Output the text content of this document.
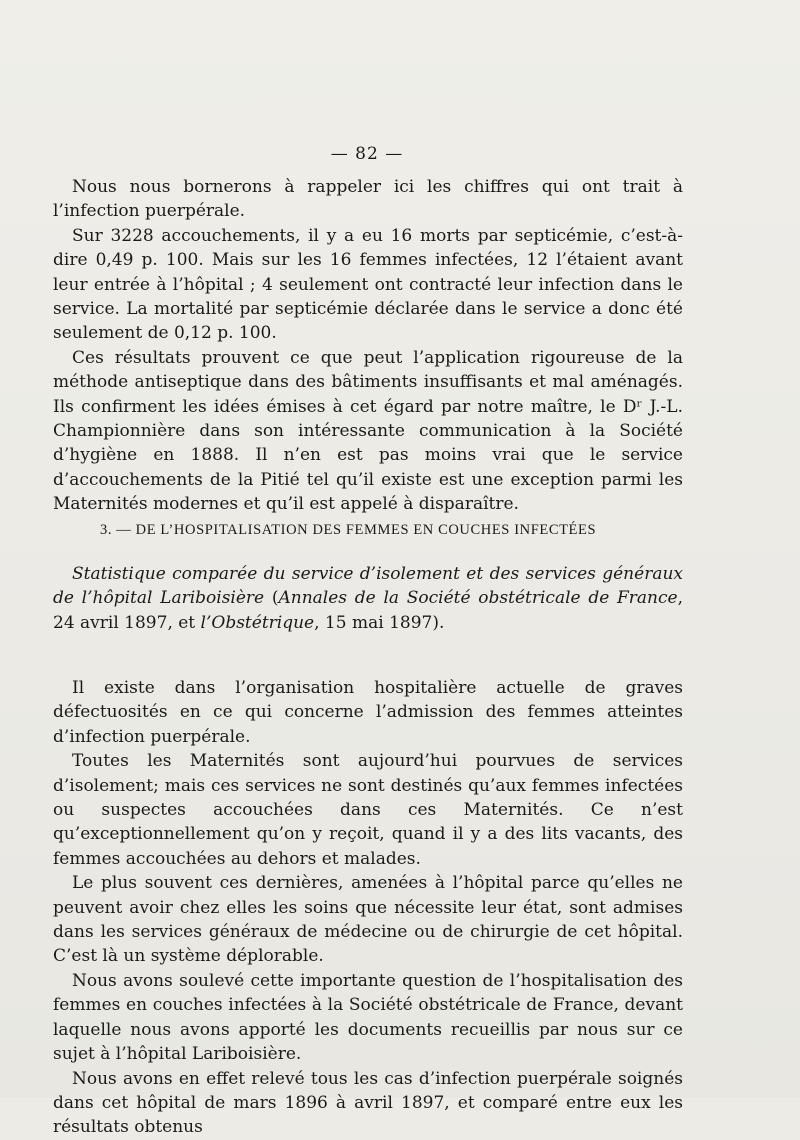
— 82 —

Nous nous bornerons à rappeler ici les chiffres qui ont trait à l’infection puerpérale.

Sur 3228 accouchements, il y a eu 16 morts par septicémie, c’est-à-dire 0,49 p. 100. Mais sur les 16 femmes infectées, 12 l’étaient avant leur entrée à l’hôpital ; 4 seulement ont contracté leur infection dans le service. La mortalité par septicémie déclarée dans le service a donc été seulement de 0,12 p. 100.

Ces résultats prouvent ce que peut l’application rigoureuse de la méthode antiseptique dans des bâtiments insuffisants et mal aménagés. Ils confirment les idées émises à cet égard par notre maître, le Dʳ J.-L. Championnière dans son intéressante communication à la Société d’hygiène en 1888. Il n’en est pas moins vrai que le service d’accouchements de la Pitié tel qu’il existe est une exception parmi les Maternités modernes et qu’il est appelé à disparaître.

3. — DE L’HOSPITALISATION DES FEMMES EN COUCHES INFECTÉES

Statistique comparée du service d’isolement et des services généraux de l’hôpital Lariboisière (Annales de la Société obstétricale de France, 24 avril 1897, et l’Obstétrique, 15 mai 1897).

Il existe dans l’organisation hospitalière actuelle de graves défectuosités en ce qui concerne l’admission des femmes atteintes d’infection puerpérale.

Toutes les Maternités sont aujourd’hui pourvues de services d’isolement; mais ces services ne sont destinés qu’aux femmes infectées ou suspectes accouchées dans ces Maternités. Ce n’est qu’exceptionnellement qu’on y reçoit, quand il y a des lits vacants, des femmes accouchées au dehors et malades.

Le plus souvent ces dernières, amenées à l’hôpital parce qu’elles ne peuvent avoir chez elles les soins que nécessite leur état, sont admises dans les services généraux de médecine ou de chirurgie de cet hôpital. C’est là un système déplorable.

Nous avons soulevé cette importante question de l’hospitalisation des femmes en couches infectées à la Société obstétricale de France, devant laquelle nous avons apporté les documents recueillis par nous sur ce sujet à l’hôpital Lariboisière.

Nous avons en effet relevé tous les cas d’infection puerpérale soignés dans cet hôpital de mars 1896 à avril 1897, et comparé entre eux les résultats obtenus
